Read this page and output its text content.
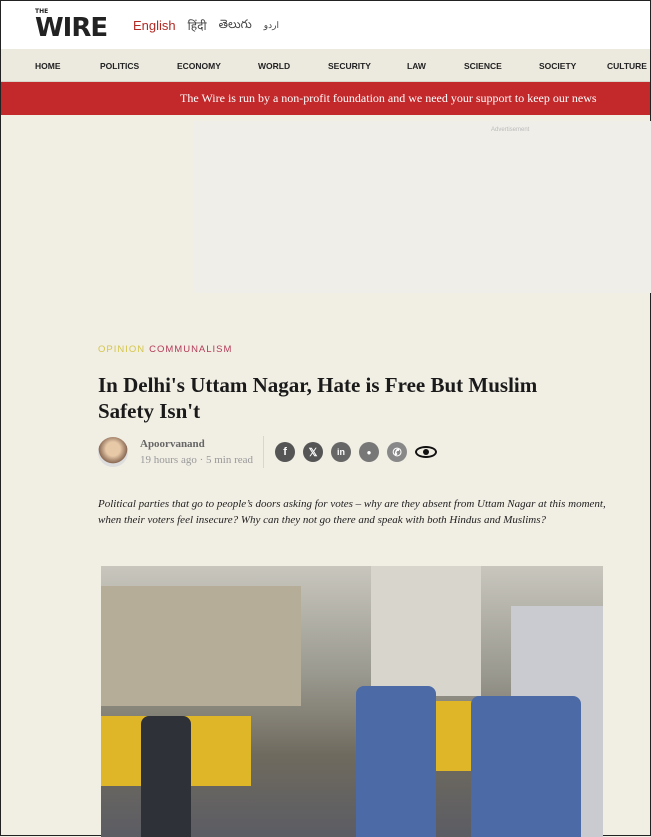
THE
WIRE English हिंदी తెలుగు اردو
HOME	POLITICS	ECONOMY	WORLD	SECURITY	LAW	SCIENCE	SOCIETY	CULTURE
The Wire is run by a non-profit foundation and we need your support to keep our news
Advertisement
OPINION COMMUNALISM
In Delhi's Uttam Nagar, Hate is Free But Muslim Safety Isn't
Apoorvanand
19 hours ago · 5 min read
f	𝕏	in	●	✆

Political parties that go to people’s doors asking for votes – why are they absent from Uttam Nagar at this moment, when their voters feel insecure? Why can they not go there and speak with both Hindus and Muslims?
